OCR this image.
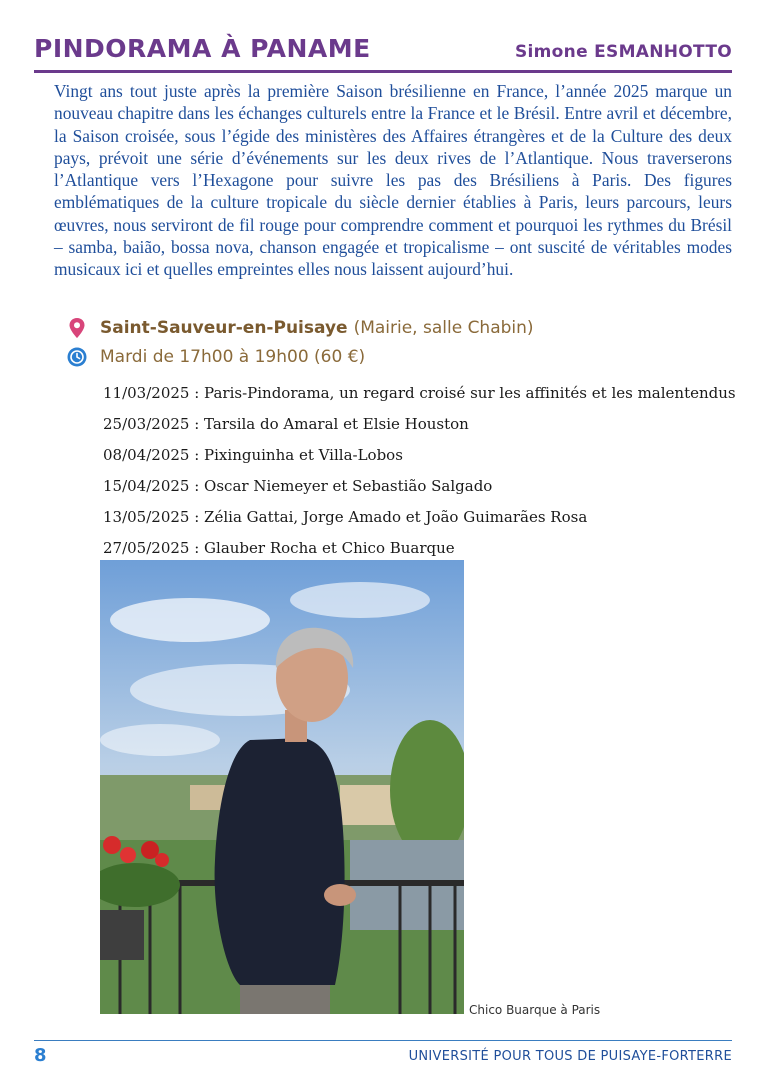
PINDORAMA À PANAME	Simone ESMANHOTTO

Vingt ans tout juste après la première Saison brésilienne en France, l’année 2025 marque un nouveau chapitre dans les échanges culturels entre la France et le Brésil. Entre avril et décembre, la Saison croisée, sous l’égide des ministères des Affaires étrangères et de la Culture des deux pays, prévoit une série d’événements sur les deux rives de l’Atlantique. Nous traverserons l’Atlantique vers l’Hexagone pour suivre les pas des Brésiliens à Paris. Des figures emblématiques de la culture tropicale du siècle dernier établies à Paris, leurs parcours, leurs œuvres, nous serviront de fil rouge pour comprendre comment et pourquoi les rythmes du Brésil – samba, baião, bossa nova, chanson engagée et tropicalisme – ont suscité de véritables modes musicaux ici et quelles empreintes elles nous laissent aujourd’hui.

Saint-Sauveur-en-Puisaye (Mairie, salle Chabin)
Mardi de 17h00 à 19h00 (60 €)
11/03/2025 : Paris-Pindorama, un regard croisé sur les affinités et les malentendus
25/03/2025 : Tarsila do Amaral et Elsie Houston
08/04/2025 : Pixinguinha et Villa-Lobos
15/04/2025 : Oscar Niemeyer et Sebastião Salgado
13/05/2025 : Zélia Gattai, Jorge Amado et João Guimarães Rosa
27/05/2025 : Glauber Rocha et Chico Buarque
Chico Buarque à Paris
8	UNIVERSITÉ POUR TOUS DE PUISAYE-FORTERRE
